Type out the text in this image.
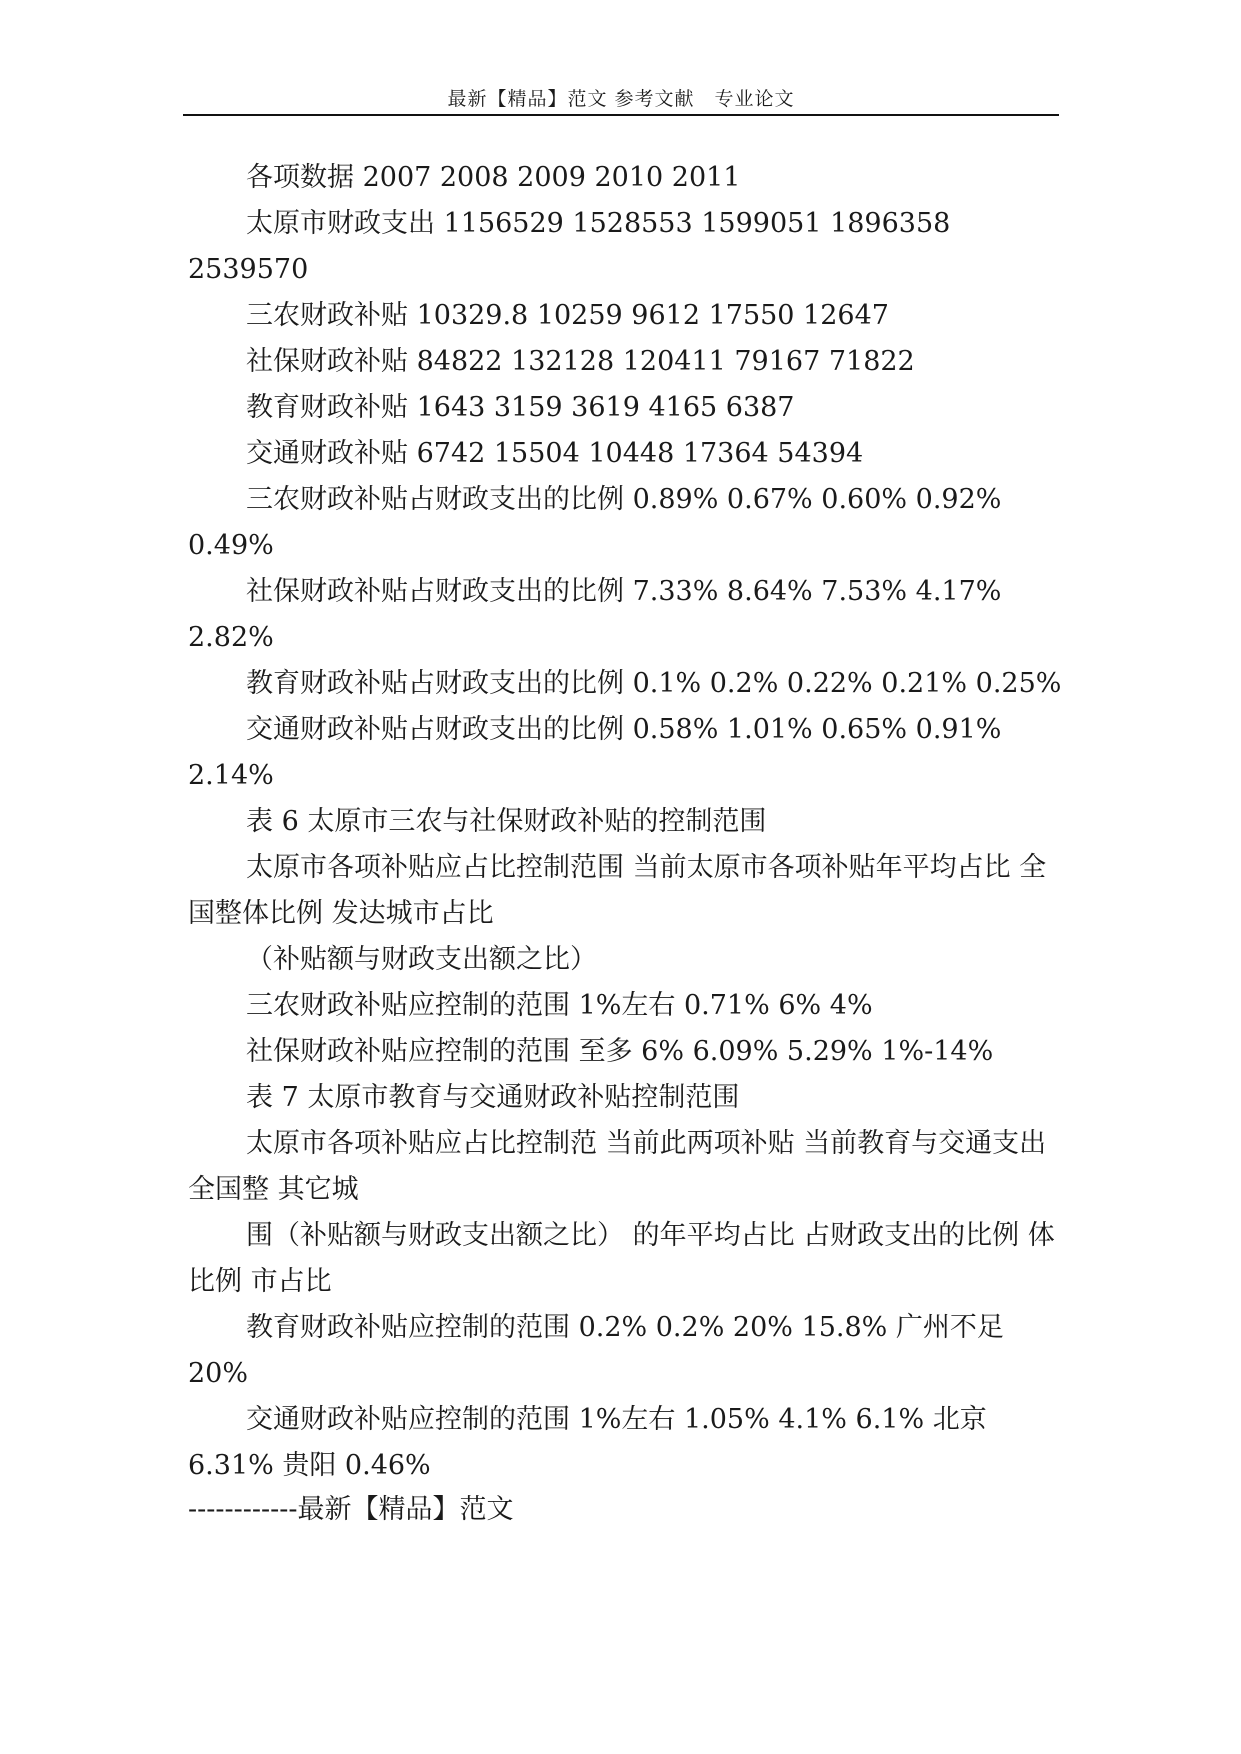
最新【精品】范文 参考文献　专业论文

各项数据 2007 2008 2009 2010 2011

太原市财政支出 1156529 1528553 1599051 1896358 2539570

三农财政补贴 10329.8 10259 9612 17550 12647

社保财政补贴 84822 132128 120411 79167 71822

教育财政补贴 1643 3159 3619 4165 6387

交通财政补贴 6742 15504 10448 17364 54394

三农财政补贴占财政支出的比例 0.89% 0.67% 0.60% 0.92% 0.49%

社保财政补贴占财政支出的比例 7.33% 8.64% 7.53% 4.17% 2.82%

教育财政补贴占财政支出的比例 0.1% 0.2% 0.22% 0.21% 0.25%

交通财政补贴占财政支出的比例 0.58% 1.01% 0.65% 0.91% 2.14%

表 6 太原市三农与社保财政补贴的控制范围

太原市各项补贴应占比控制范围 当前太原市各项补贴年平均占比 全国整体比例 发达城市占比

（补贴额与财政支出额之比）

三农财政补贴应控制的范围 1%左右 0.71% 6% 4%

社保财政补贴应控制的范围 至多 6% 6.09% 5.29% 1%-14%

表 7 太原市教育与交通财政补贴控制范围

太原市各项补贴应占比控制范 当前此两项补贴 当前教育与交通支出 全国整 其它城

围（补贴额与财政支出额之比） 的年平均占比 占财政支出的比例 体比例 市占比

教育财政补贴应控制的范围 0.2% 0.2% 20% 15.8% 广州不足 20%

交通财政补贴应控制的范围 1%左右 1.05% 4.1% 6.1% 北京 6.31% 贵阳 0.46%

------------最新【精品】范文
